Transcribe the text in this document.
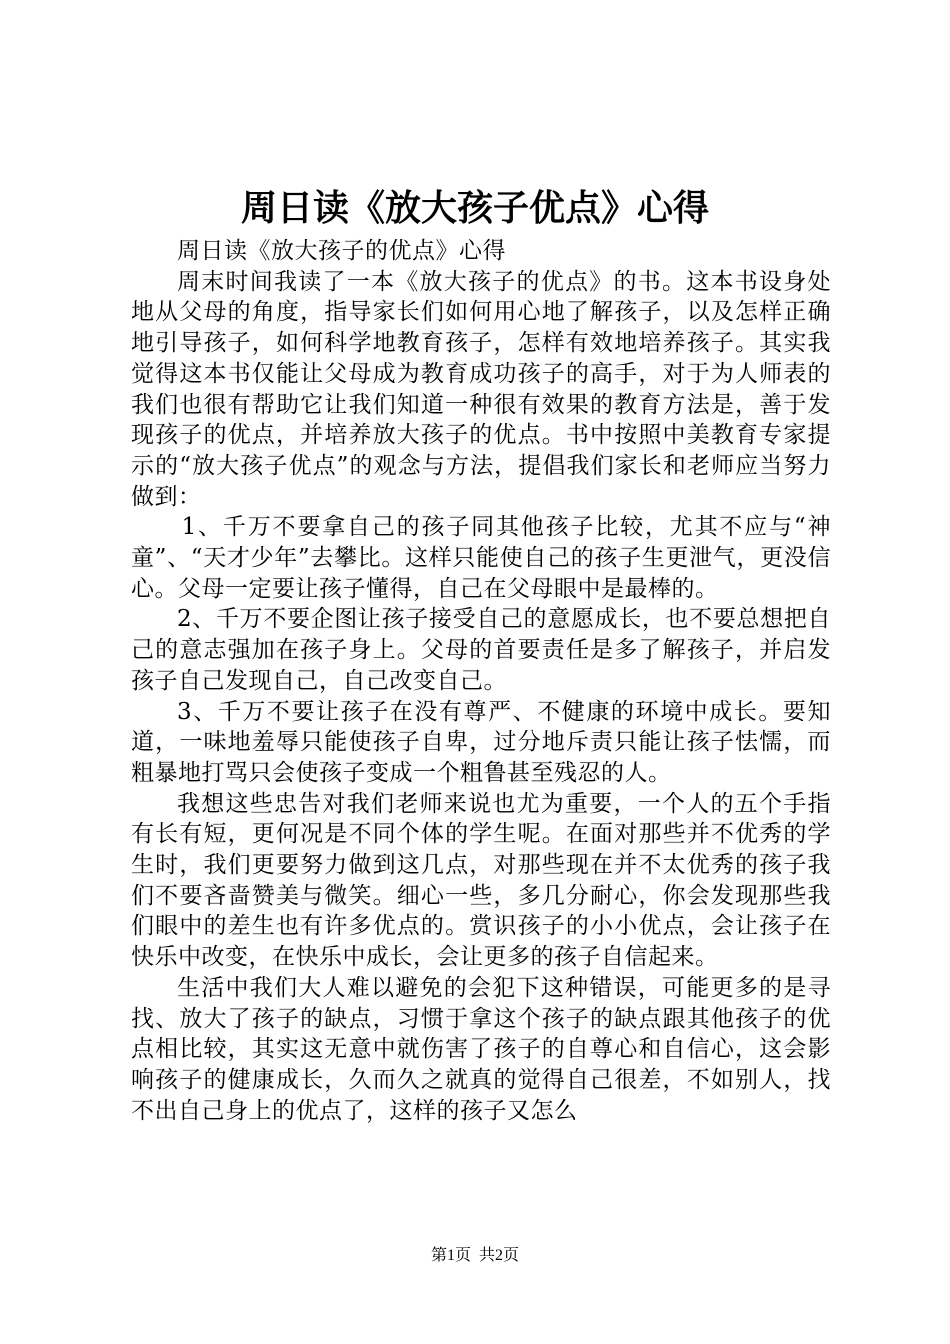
周日读《放大孩子优点》心得

周日读《放大孩子的优点》心得

周末时间我读了一本《放大孩子的优点》的书。这本书设身处地从父母的角度，指导家长们如何用心地了解孩子，以及怎样正确地引导孩子，如何科学地教育孩子，怎样有效地培养孩子。其实我觉得这本书仅能让父母成为教育成功孩子的高手，对于为人师表的我们也很有帮助它让我们知道一种很有效果的教育方法是，善于发现孩子的优点，并培养放大孩子的优点。书中按照中美教育专家提示的“放大孩子优点”的观念与方法，提倡我们家长和老师应当努力做到：

1、千万不要拿自己的孩子同其他孩子比较，尤其不应与“神童”、“天才少年”去攀比。这样只能使自己的孩子生更泄气，更没信心。父母一定要让孩子懂得，自己在父母眼中是最棒的。

2、千万不要企图让孩子接受自己的意愿成长，也不要总想把自己的意志强加在孩子身上。父母的首要责任是多了解孩子，并启发孩子自己发现自己，自己改变自己。

3、千万不要让孩子在没有尊严、不健康的环境中成长。要知道，一味地羞辱只能使孩子自卑，过分地斥责只能让孩子怯懦，而粗暴地打骂只会使孩子变成一个粗鲁甚至残忍的人。

我想这些忠告对我们老师来说也尤为重要，一个人的五个手指有长有短，更何况是不同个体的学生呢。在面对那些并不优秀的学生时，我们更要努力做到这几点，对那些现在并不太优秀的孩子我们不要吝啬赞美与微笑。细心一些，多几分耐心，你会发现那些我们眼中的差生也有许多优点的。赏识孩子的小小优点，会让孩子在快乐中改变，在快乐中成长，会让更多的孩子自信起来。

生活中我们大人难以避免的会犯下这种错误，可能更多的是寻找、放大了孩子的缺点，习惯于拿这个孩子的缺点跟其他孩子的优点相比较，其实这无意中就伤害了孩子的自尊心和自信心，这会影响孩子的健康成长，久而久之就真的觉得自己很差，不如别人，找不出自己身上的优点了，这样的孩子又怎么

第1页 共2页
